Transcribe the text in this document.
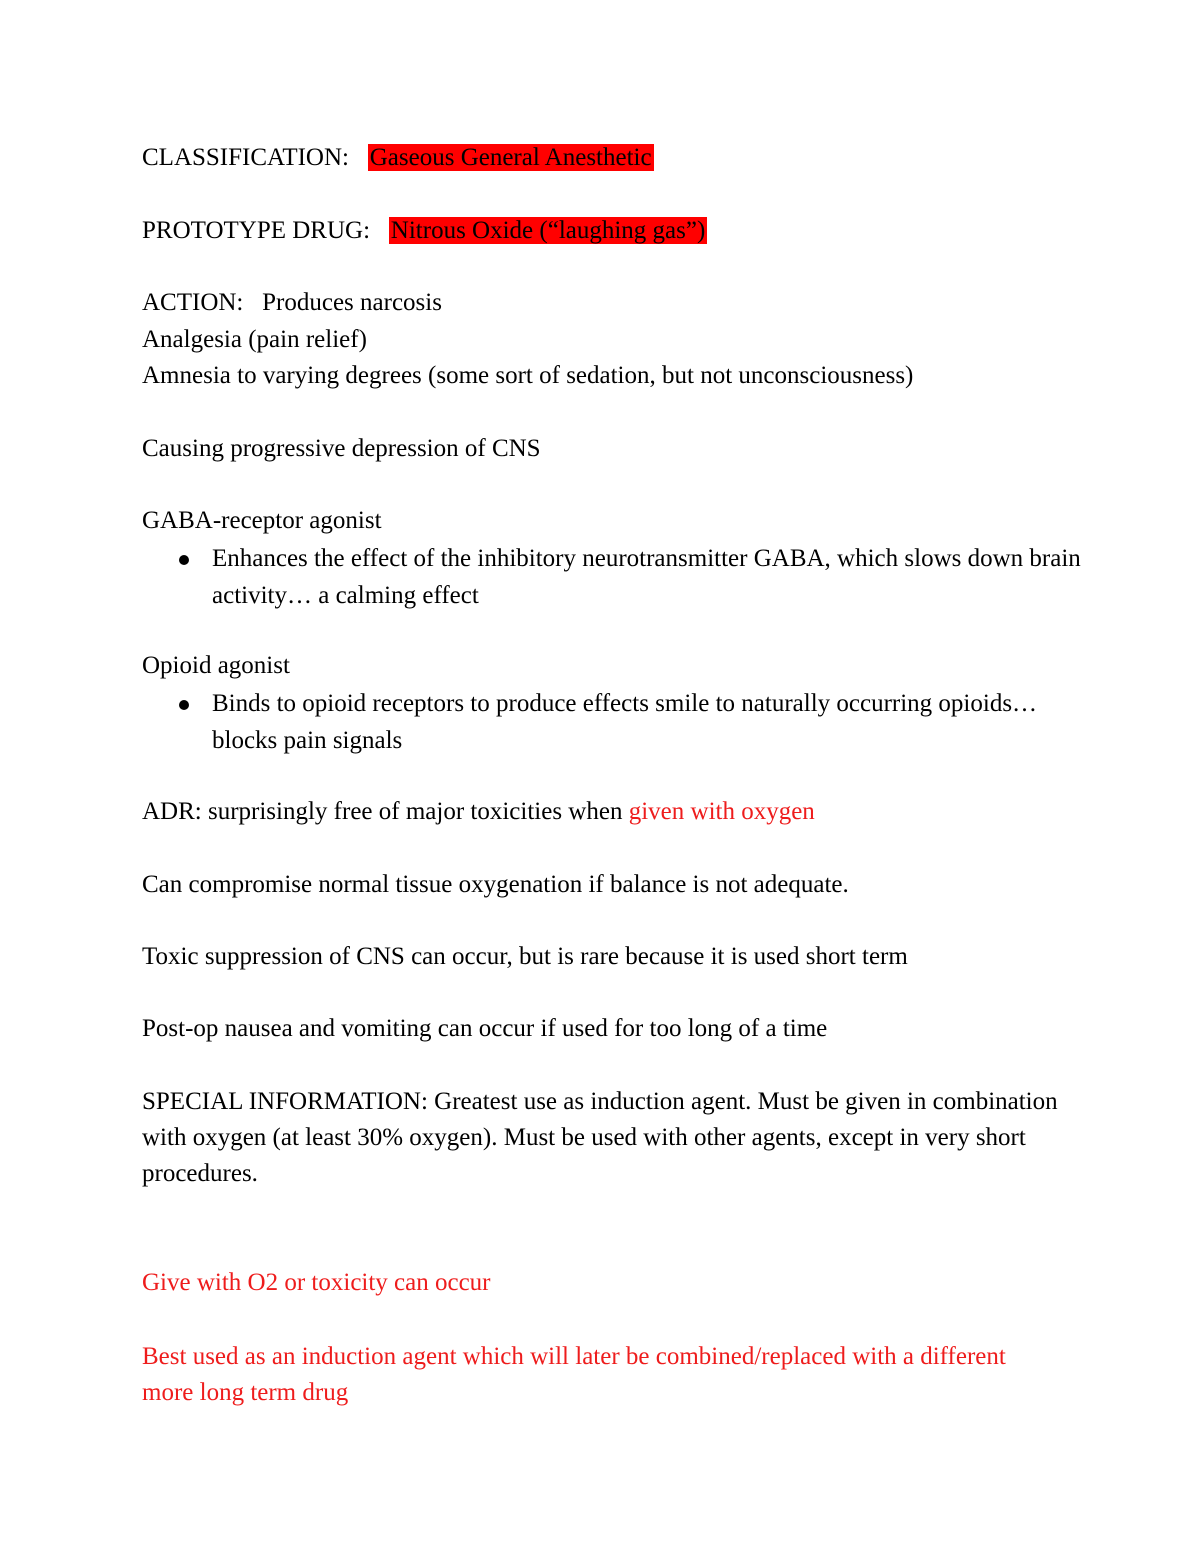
CLASSIFICATION: Gaseous General Anesthetic
PROTOTYPE DRUG: Nitrous Oxide (“laughing gas”)
ACTION: Produces narcosis
Analgesia (pain relief)
Amnesia to varying degrees (some sort of sedation, but not unconsciousness)
Causing progressive depression of CNS
GABA-receptor agonist
Enhances the effect of the inhibitory neurotransmitter GABA, which slows down brain activity… a calming effect
Opioid agonist
Binds to opioid receptors to produce effects smile to naturally occurring opioids… blocks pain signals
ADR: surprisingly free of major toxicities when given with oxygen
Can compromise normal tissue oxygenation if balance is not adequate.
Toxic suppression of CNS can occur, but is rare because it is used short term
Post-op nausea and vomiting can occur if used for too long of a time
SPECIAL INFORMATION: Greatest use as induction agent. Must be given in combination with oxygen (at least 30% oxygen). Must be used with other agents, except in very short procedures.
Give with O2 or toxicity can occur
Best used as an induction agent which will later be combined/replaced with a different more long term drug
